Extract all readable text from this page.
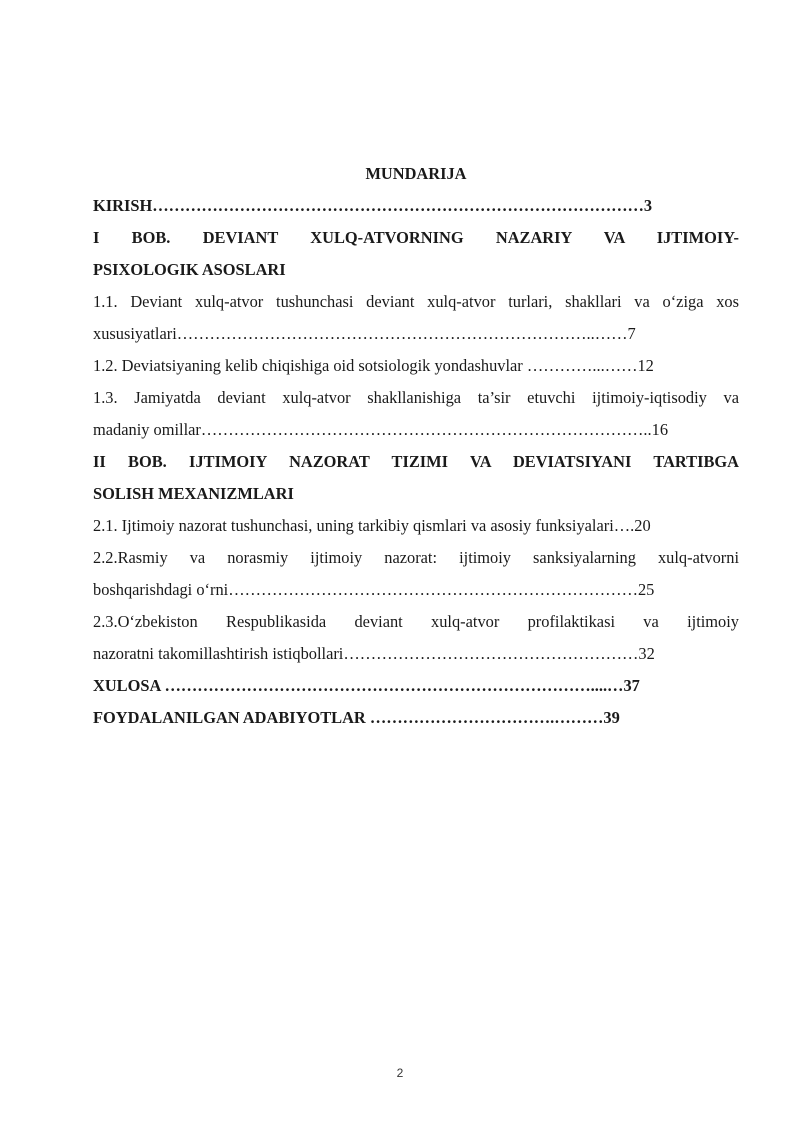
MUNDARIJA

KIRISH………………………………………………………………………………3

I BOB. DEVIANT XULQ-ATVORNING NAZARIY VA IJTIMOIY-
PSIXOLOGIK ASOSLARI

1.1. Deviant xulq-atvor tushunchasi deviant xulq-atvor turlari, shakllari va oʻziga xos
xususiyatlari…………………………………………………………………..……7

1.2. Deviatsiyaning kelib chiqishiga oid sotsiologik yondashuvlar …………...……12

1.3. Jamiyatda deviant xulq-atvor shakllanishiga ta’sir etuvchi ijtimoiy-iqtisodiy va
madaniy omillar………………………………………………………………………..16

II BOB. IJTIMOIY NAZORAT TIZIMI VA DEVIATSIYANI TARTIBGA
SOLISH MEXANIZMLARI

2.1. Ijtimoiy nazorat tushunchasi, uning tarkibiy qismlari va asosiy funksiyalari….20

2.2.Rasmiy va norasmiy ijtimoiy nazorat: ijtimoiy sanksiyalarning xulq-atvorni
boshqarishdagi oʻrni…………………………………………………………………25

2.3.Oʻzbekiston Respublikasida deviant xulq-atvor profilaktikasi va ijtimoiy
nazoratni takomillashtirish istiqbollari………………………………………………32

XULOSA ……………………………………………………………………....…37

FOYDALANILGAN ADABIYOTLAR …………………………….………39

2
